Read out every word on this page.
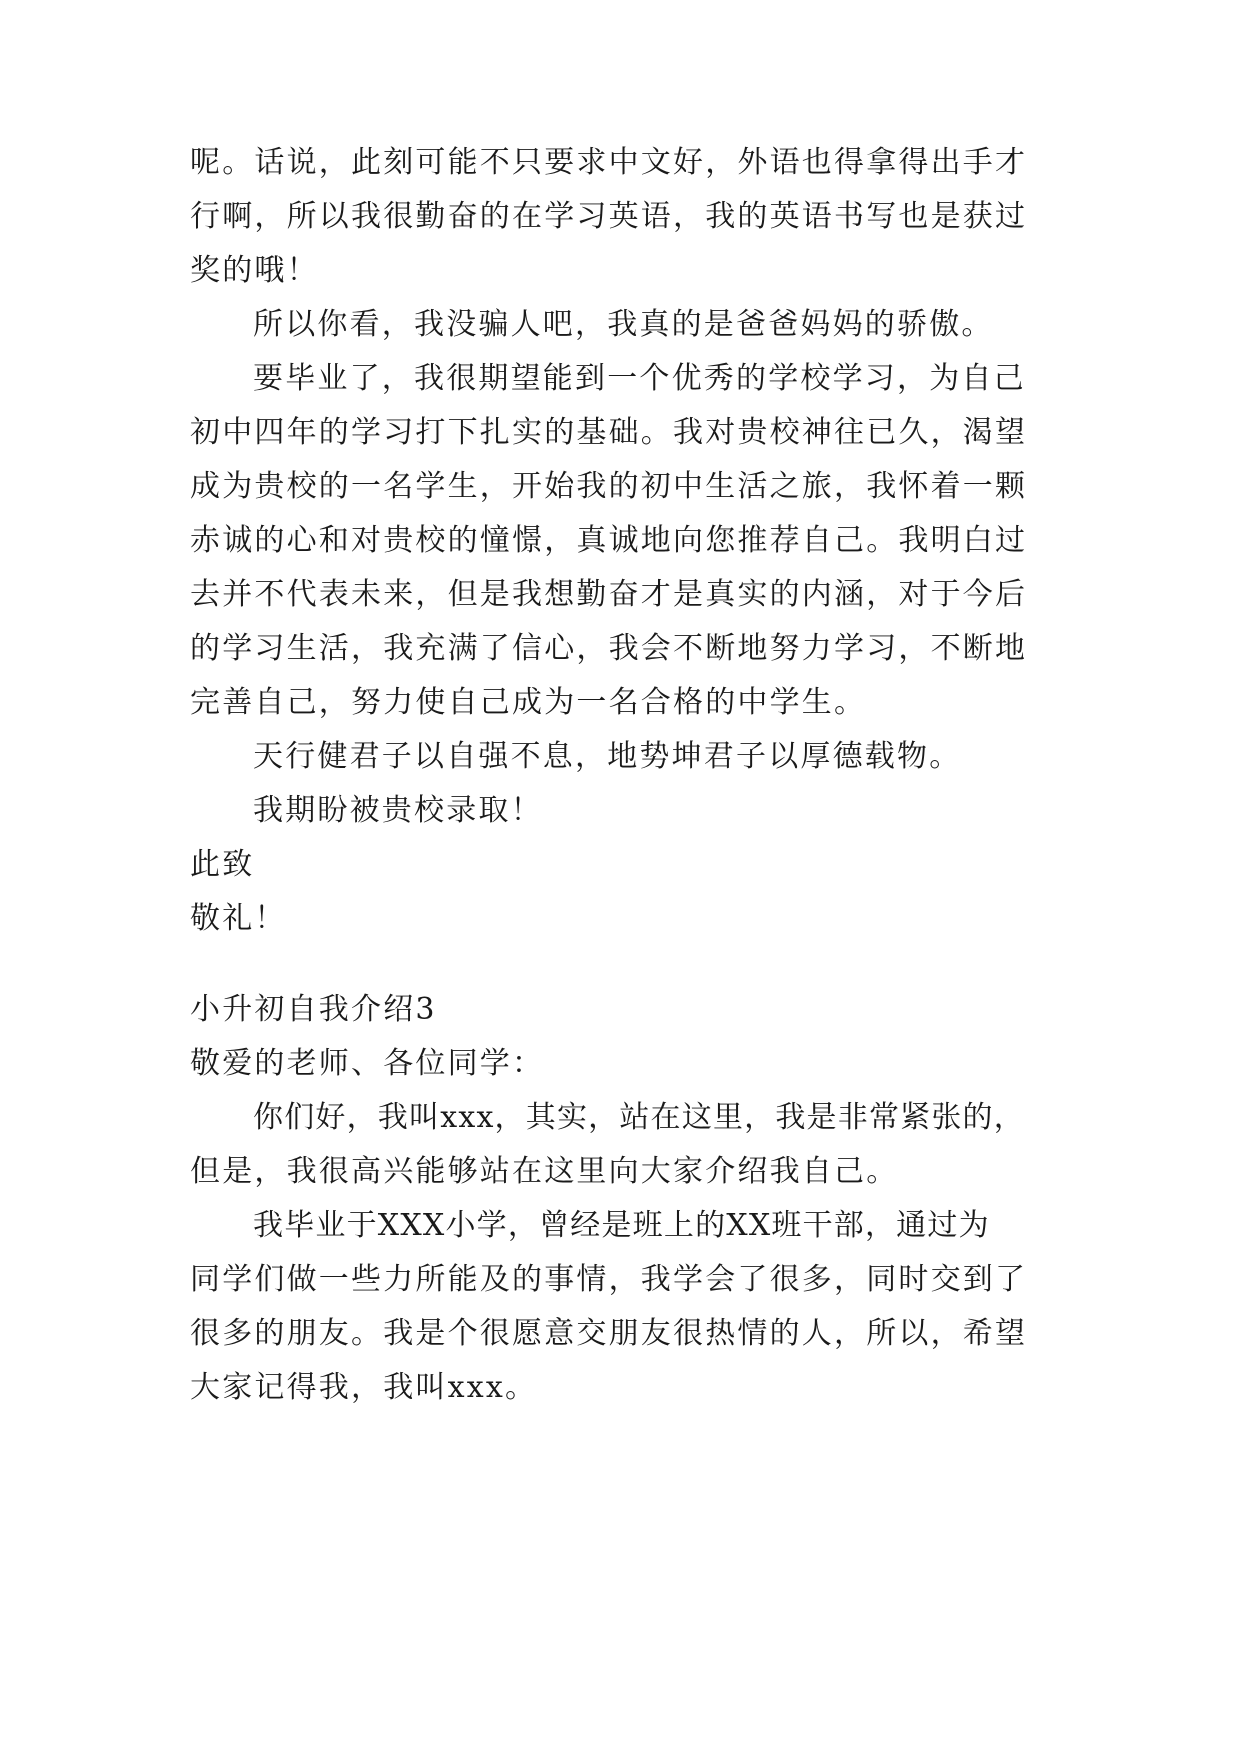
呢。话说，此刻可能不只要求中文好，外语也得拿得出手才

行啊，所以我很勤奋的在学习英语，我的英语书写也是获过

奖的哦！

所以你看，我没骗人吧，我真的是爸爸妈妈的骄傲。

要毕业了，我很期望能到一个优秀的学校学习，为自己

初中四年的学习打下扎实的基础。我对贵校神往已久，渴望

成为贵校的一名学生，开始我的初中生活之旅，我怀着一颗

赤诚的心和对贵校的憧憬，真诚地向您推荐自己。我明白过

去并不代表未来，但是我想勤奋才是真实的内涵，对于今后

的学习生活，我充满了信心，我会不断地努力学习，不断地

完善自己，努力使自己成为一名合格的中学生。

天行健君子以自强不息，地势坤君子以厚德载物。

我期盼被贵校录取！

此致

敬礼！

小升初自我介绍3

敬爱的老师、各位同学：

你们好，我叫xxx，其实，站在这里，我是非常紧张的，

但是，我很高兴能够站在这里向大家介绍我自己。

我毕业于XXX小学，曾经是班上的XX班干部，通过为

同学们做一些力所能及的事情，我学会了很多，同时交到了

很多的朋友。我是个很愿意交朋友很热情的人，所以，希望

大家记得我，我叫xxx。
